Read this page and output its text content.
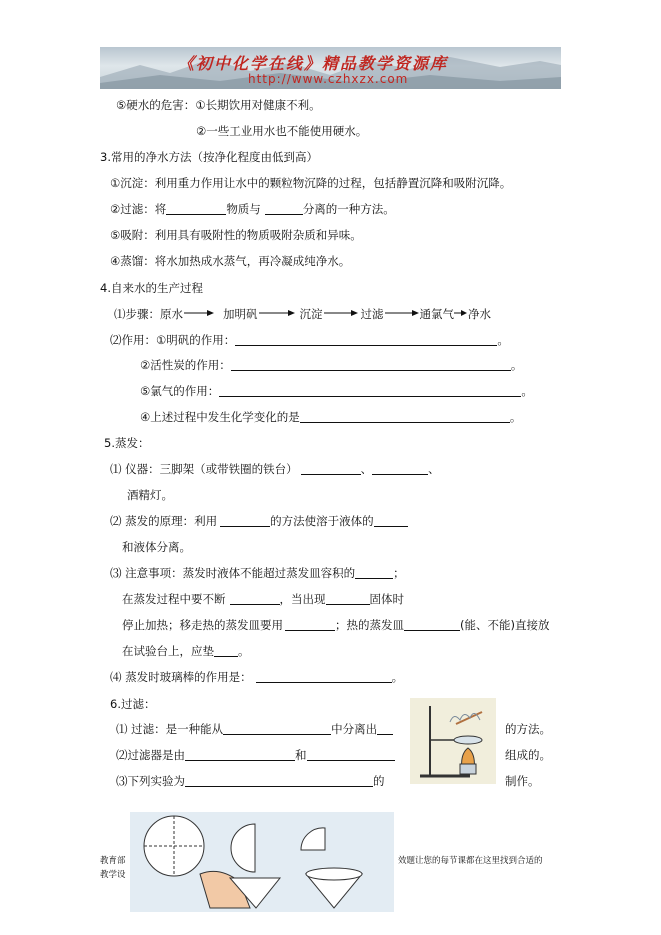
《初中化学在线》精品教学资源库
http://www.czhxzx.com
⑤硬水的危害：①长期饮用对健康不利。
②一些工业用水也不能使用硬水。
3.常用的净水方法（按净化程度由低到高）
①沉淀：利用重力作用让水中的颗粒物沉降的过程，包括静置沉降和吸附沉降。
②过滤：将	物质与	分离的一种方法。
⑤吸附：利用具有吸附性的物质吸附杂质和异味。
④蒸馏：将水加热成水蒸气，再冷凝成纯净水。
4.自来水的生产过程
⑴步骤：原水	加明矾	沉淀	过滤	通氯气 净水
⑵作用：①明矾的作用：	。
②活性炭的作用：	。
⑤氯气的作用：	。
④上述过程中发生化学变化的是	。
5.蒸发：
⑴ 仪器：三脚架（或带铁圈的铁台）	、	、
酒精灯。
⑵ 蒸发的原理：利用	的方法使溶于液体的
和液体分离。
⑶ 注意事项：蒸发时液体不能超过蒸发皿容积的	；
在蒸发过程中要不断	，当出现	固体时
停止加热；移走热的蒸发皿要用	；热的蒸发皿	(能、不能)直接放
在试验台上，应垫 。
⑷ 蒸发时玻璃棒的作用是：	。
6.过滤：
⑴ 过滤：是一种能从	中分离出	的方法。
⑵过滤器是由	和	组成的。
⑶下列实验为	的	制作。
教育部
教学设
效题让您的每节课都在这里找到合适的
